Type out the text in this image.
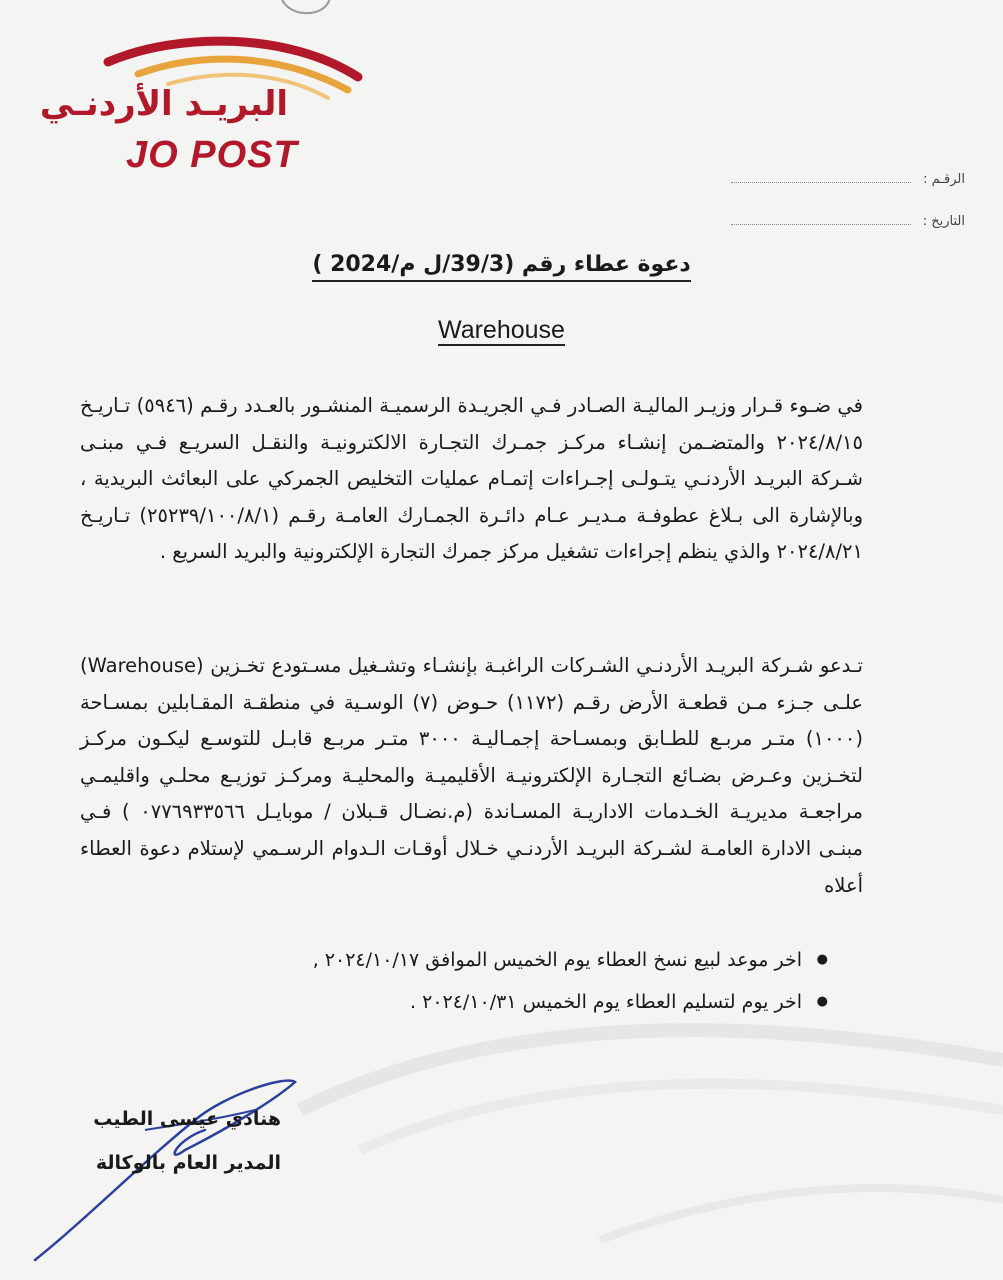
البريـد الأردنـي
JO POST
الرقـم :
التاريخ :
دعوة عطاء رقم (39/3/ل م/2024 )
Warehouse
في ضـوء قـرار وزيـر الماليـة الصـادر فـي الجريـدة الرسميـة المنشـور بالعـدد رقـم (٥٩٤٦) تـاريـخ ٢٠٢٤/٨/١٥ والمتضـمن إنشـاء مركـز جمـرك التجـارة الالكترونيـة والنقـل السريـع فـي مبنـى شـركة البريـد الأردنـي يتـولـى إجـراءات إتمـام عمليات التخليص الجمركي على البعائث البريدية ، وبالإشارة الى بـلاغ عطوفـة مـديـر عـام دائـرة الجمـارك العامـة رقـم (٢٥٢٣٩/١٠٠/٨/١) تـاريـخ ٢٠٢٤/٨/٢١ والذي ينظم إجراءات تشغيل مركز جمرك التجارة الإلكترونية والبريد السريع .
تـدعو شـركة البريـد الأردنـي الشـركات الراغبـة بإنشـاء وتشـغيل مسـتودع تخـزين (Warehouse) علـى جـزء مـن قطعـة الأرض رقـم (١١٧٢) حـوض (٧) الوسـية في منطقـة المقـابلين بمسـاحة (١٠٠٠) متـر مربـع للطـابق وبمسـاحة إجمـاليـة ٣٠٠٠ متـر مربـع قابـل للتوسـع ليكـون مركـز لتخـزين وعـرض بضـائع التجـارة الإلكترونيـة الأقليميـة والمحليـة ومركـز توزيـع محلـي واقليمـي مراجعـة مديريـة الخـدمات الاداريـة المسـاندة (م.نضـال قـبلان / موبايـل ٠٧٧٦٩٣٣٥٦٦ ) فـي مبنـى الادارة العامـة لشـركة البريـد الأردنـي خـلال أوقـات الـدوام الرسـمي لإستلام دعوة العطاء أعلاه
● اخر موعد لبيع نسخ العطاء يوم الخميس الموافق ٢٠٢٤/١٠/١٧ ,
● اخر يوم لتسليم العطاء يوم الخميس ٢٠٢٤/١٠/٣١ .
هنادي عيسى الطيب
المدير العام بالوكالة
